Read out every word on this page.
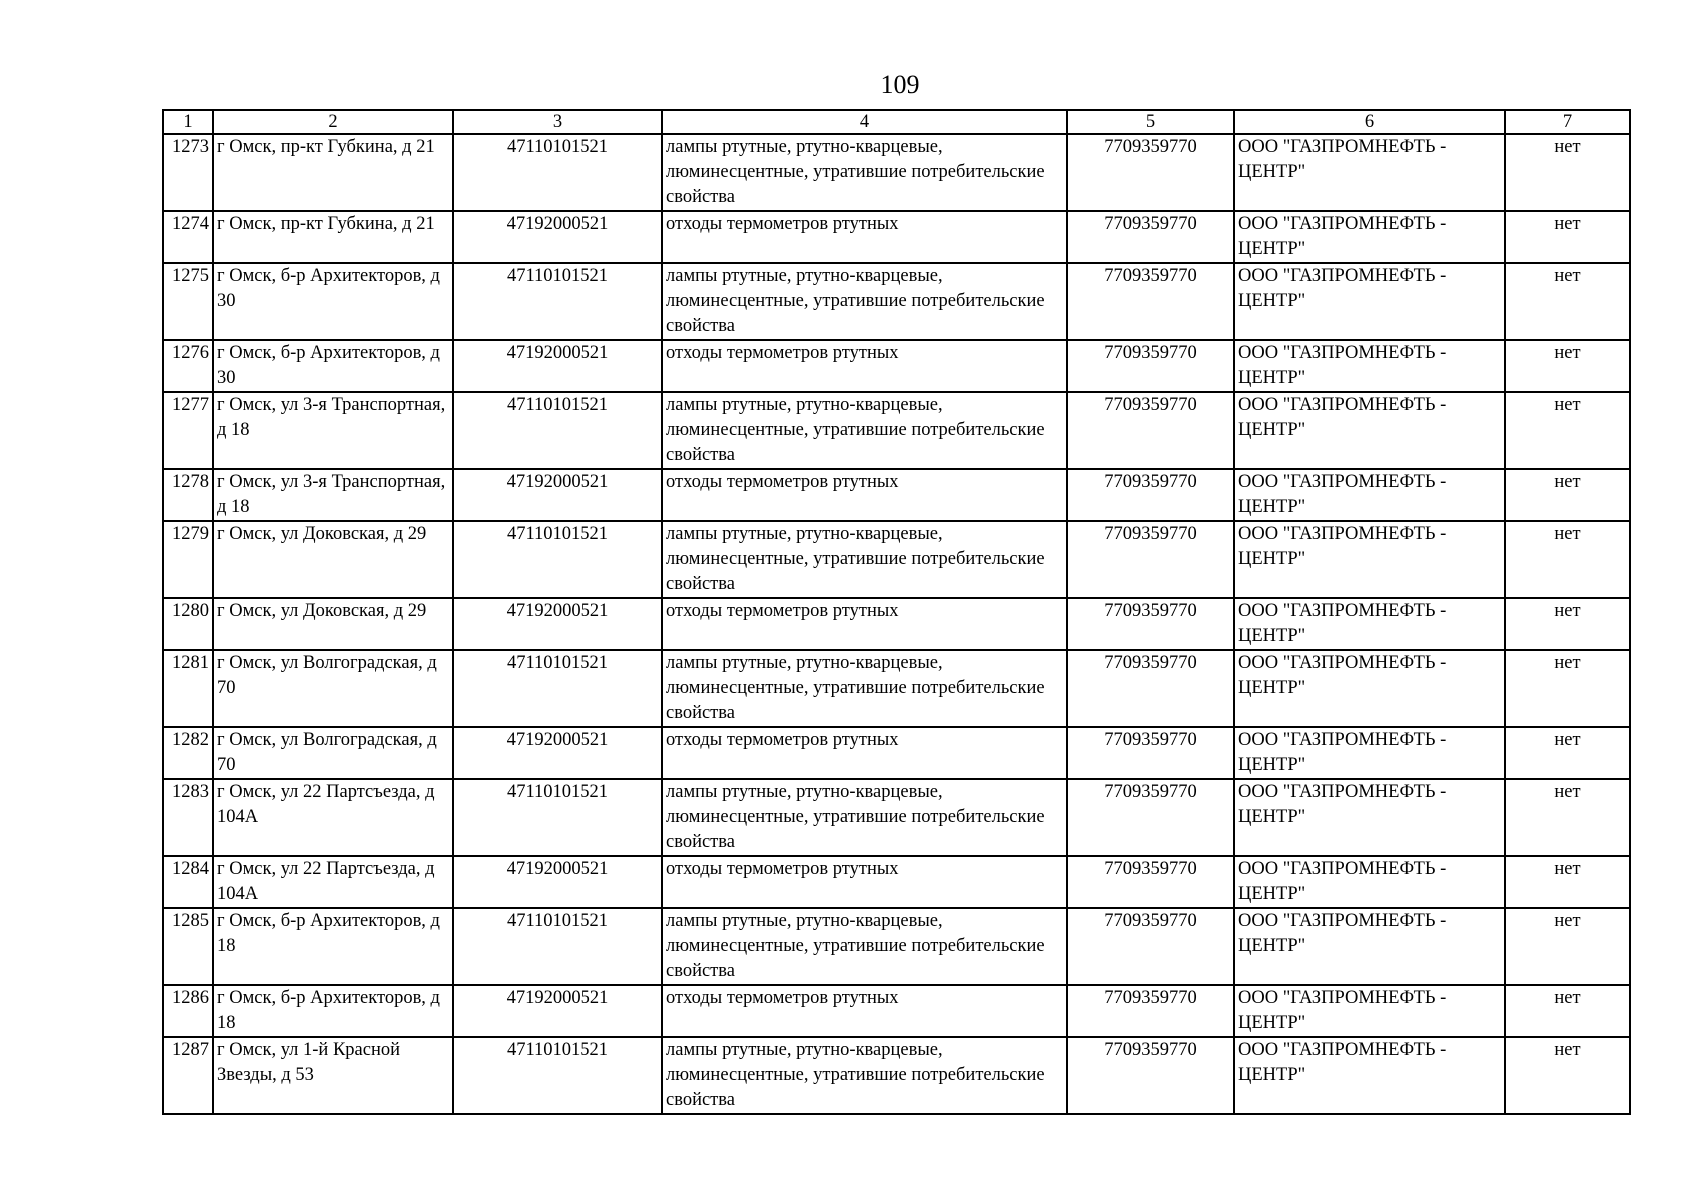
109
1	2	3	4	5	6	7
1273	г Омск, пр-кт Губкина, д 21	47110101521	лампы ртутные, ртутно-кварцевые, люминесцентные, утратившие потребительские свойства	7709359770	ООО "ГАЗПРОМНЕФТЬ - ЦЕНТР"	нет
1274	г Омск, пр-кт Губкина, д 21	47192000521	отходы термометров ртутных	7709359770	ООО "ГАЗПРОМНЕФТЬ - ЦЕНТР"	нет
1275	г Омск, б-р Архитекторов, д 30	47110101521	лампы ртутные, ртутно-кварцевые, люминесцентные, утратившие потребительские свойства	7709359770	ООО "ГАЗПРОМНЕФТЬ - ЦЕНТР"	нет
1276	г Омск, б-р Архитекторов, д 30	47192000521	отходы термометров ртутных	7709359770	ООО "ГАЗПРОМНЕФТЬ - ЦЕНТР"	нет
1277	г Омск, ул 3-я Транспортная, д 18	47110101521	лампы ртутные, ртутно-кварцевые, люминесцентные, утратившие потребительские свойства	7709359770	ООО "ГАЗПРОМНЕФТЬ - ЦЕНТР"	нет
1278	г Омск, ул 3-я Транспортная, д 18	47192000521	отходы термометров ртутных	7709359770	ООО "ГАЗПРОМНЕФТЬ - ЦЕНТР"	нет
1279	г Омск, ул Доковская, д 29	47110101521	лампы ртутные, ртутно-кварцевые, люминесцентные, утратившие потребительские свойства	7709359770	ООО "ГАЗПРОМНЕФТЬ - ЦЕНТР"	нет
1280	г Омск, ул Доковская, д 29	47192000521	отходы термометров ртутных	7709359770	ООО "ГАЗПРОМНЕФТЬ - ЦЕНТР"	нет
1281	г Омск, ул Волгоградская, д 70	47110101521	лампы ртутные, ртутно-кварцевые, люминесцентные, утратившие потребительские свойства	7709359770	ООО "ГАЗПРОМНЕФТЬ - ЦЕНТР"	нет
1282	г Омск, ул Волгоградская, д 70	47192000521	отходы термометров ртутных	7709359770	ООО "ГАЗПРОМНЕФТЬ - ЦЕНТР"	нет
1283	г Омск, ул 22 Партсъезда, д 104А	47110101521	лампы ртутные, ртутно-кварцевые, люминесцентные, утратившие потребительские свойства	7709359770	ООО "ГАЗПРОМНЕФТЬ - ЦЕНТР"	нет
1284	г Омск, ул 22 Партсъезда, д 104А	47192000521	отходы термометров ртутных	7709359770	ООО "ГАЗПРОМНЕФТЬ - ЦЕНТР"	нет
1285	г Омск, б-р Архитекторов, д 18	47110101521	лампы ртутные, ртутно-кварцевые, люминесцентные, утратившие потребительские свойства	7709359770	ООО "ГАЗПРОМНЕФТЬ - ЦЕНТР"	нет
1286	г Омск, б-р Архитекторов, д 18	47192000521	отходы термометров ртутных	7709359770	ООО "ГАЗПРОМНЕФТЬ - ЦЕНТР"	нет
1287	г Омск, ул 1-й Красной Звезды, д 53	47110101521	лампы ртутные, ртутно-кварцевые, люминесцентные, утратившие потребительские свойства	7709359770	ООО "ГАЗПРОМНЕФТЬ - ЦЕНТР"	нет
